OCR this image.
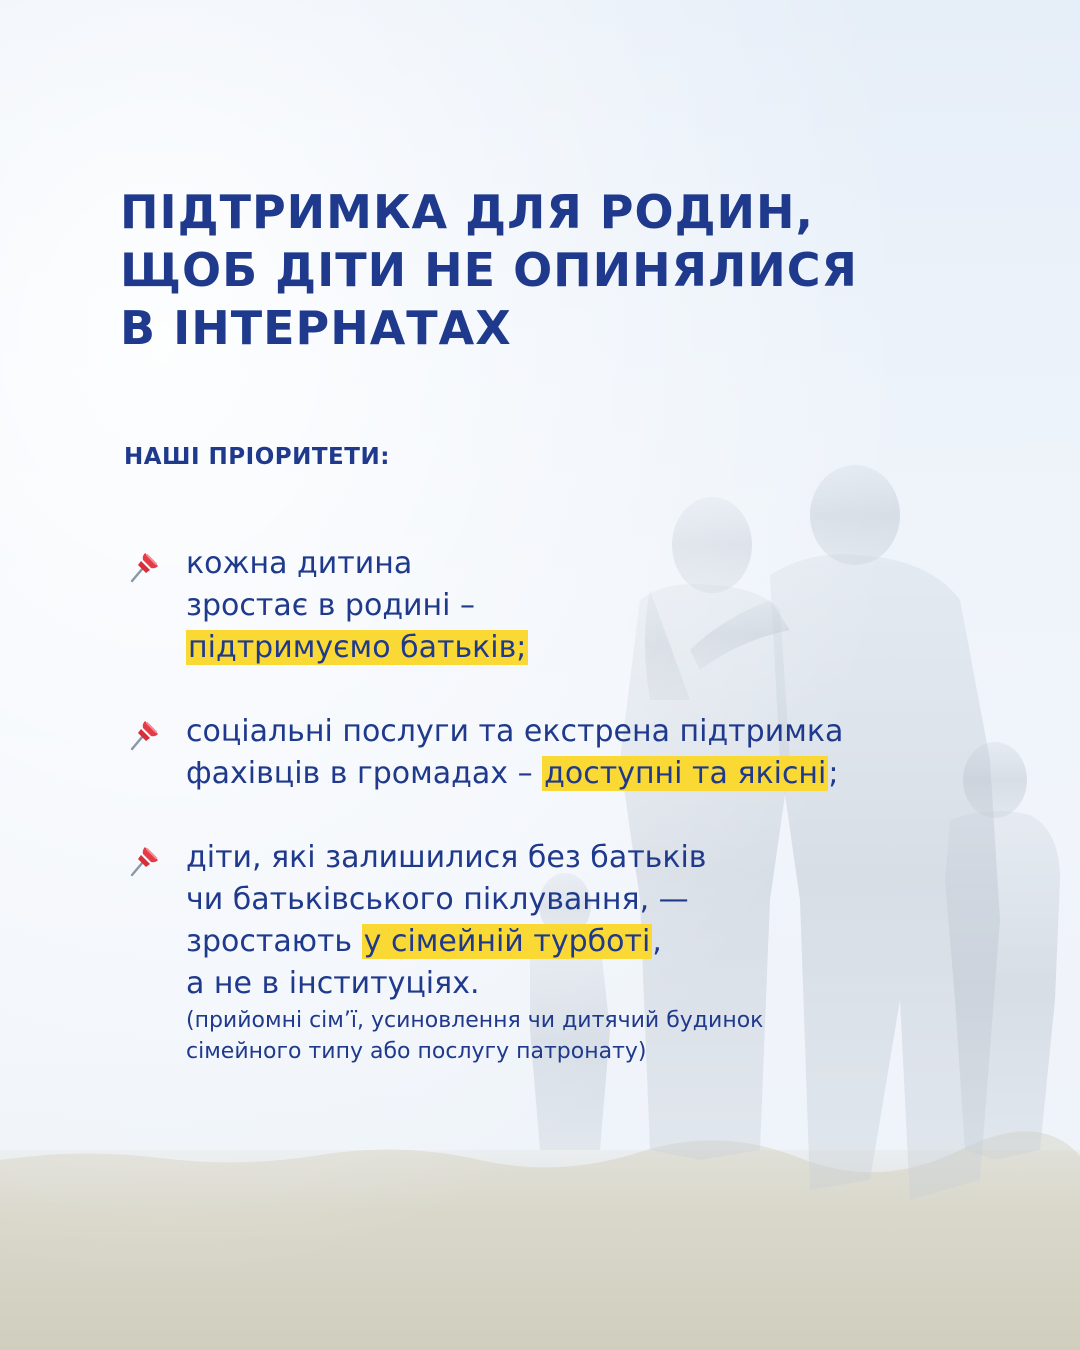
ПІДТРИМКА ДЛЯ РОДИН,
ЩОБ ДІТИ НЕ ОПИНЯЛИСЯ
В ІНТЕРНАТАХ
НАШІ ПРІОРИТЕТИ:
кожна дитина
зростає в родині –
підтримуємо батьків;
соціальні послуги та екстрена підтримка
фахівців в громадах – доступні та якісні;
діти, які залишилися без батьків
чи батьківського піклування, —
зростають у сімейній турботі,
а не в інституціях.
(прийомні сім’ї, усиновлення чи дитячий будинок
сімейного типу або послугу патронату)
